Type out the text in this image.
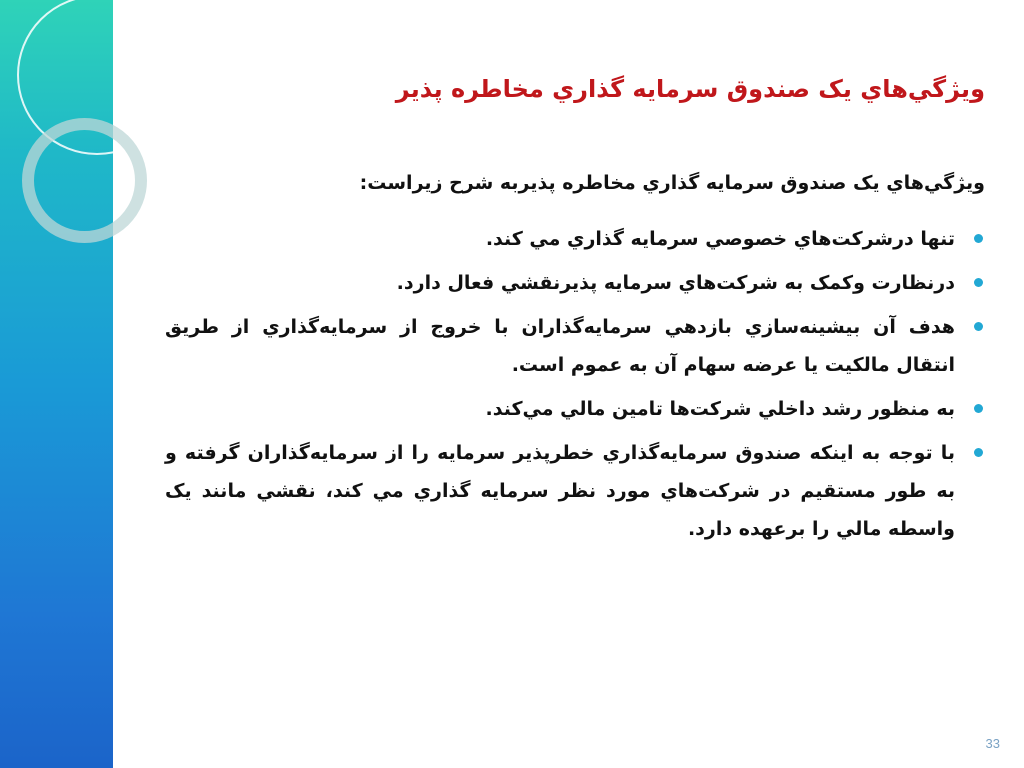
ويژگي‌هاي يک صندوق سرمايه گذاري مخاطره پذير

ويژگي‌هاي يک صندوق سرمايه گذاري مخاطره پذيربه شرح زيراست:

تنها درشرکت‌هاي خصوصي سرمايه گذاري مي کند.
درنظارت وکمک به شرکت‌هاي سرمايه پذيرنقشي فعال دارد.
هدف آن بيشينه‌سازي بازدهي سرمايه‌گذاران با خروج از سرمايه‌گذاري از طريق انتقال مالکيت يا عرضه سهام آن به عموم است.
به منظور رشد داخلي شرکت‌ها تامين مالي مي‌کند.
با توجه به اينکه صندوق سرمايه‌گذاري خطرپذير سرمايه را از سرمايه‌گذاران گرفته و به طور مستقيم در شرکت‌هاي مورد نظر سرمايه گذاري مي کند، نقشي مانند يک واسطه مالي را برعهده دارد.
33
